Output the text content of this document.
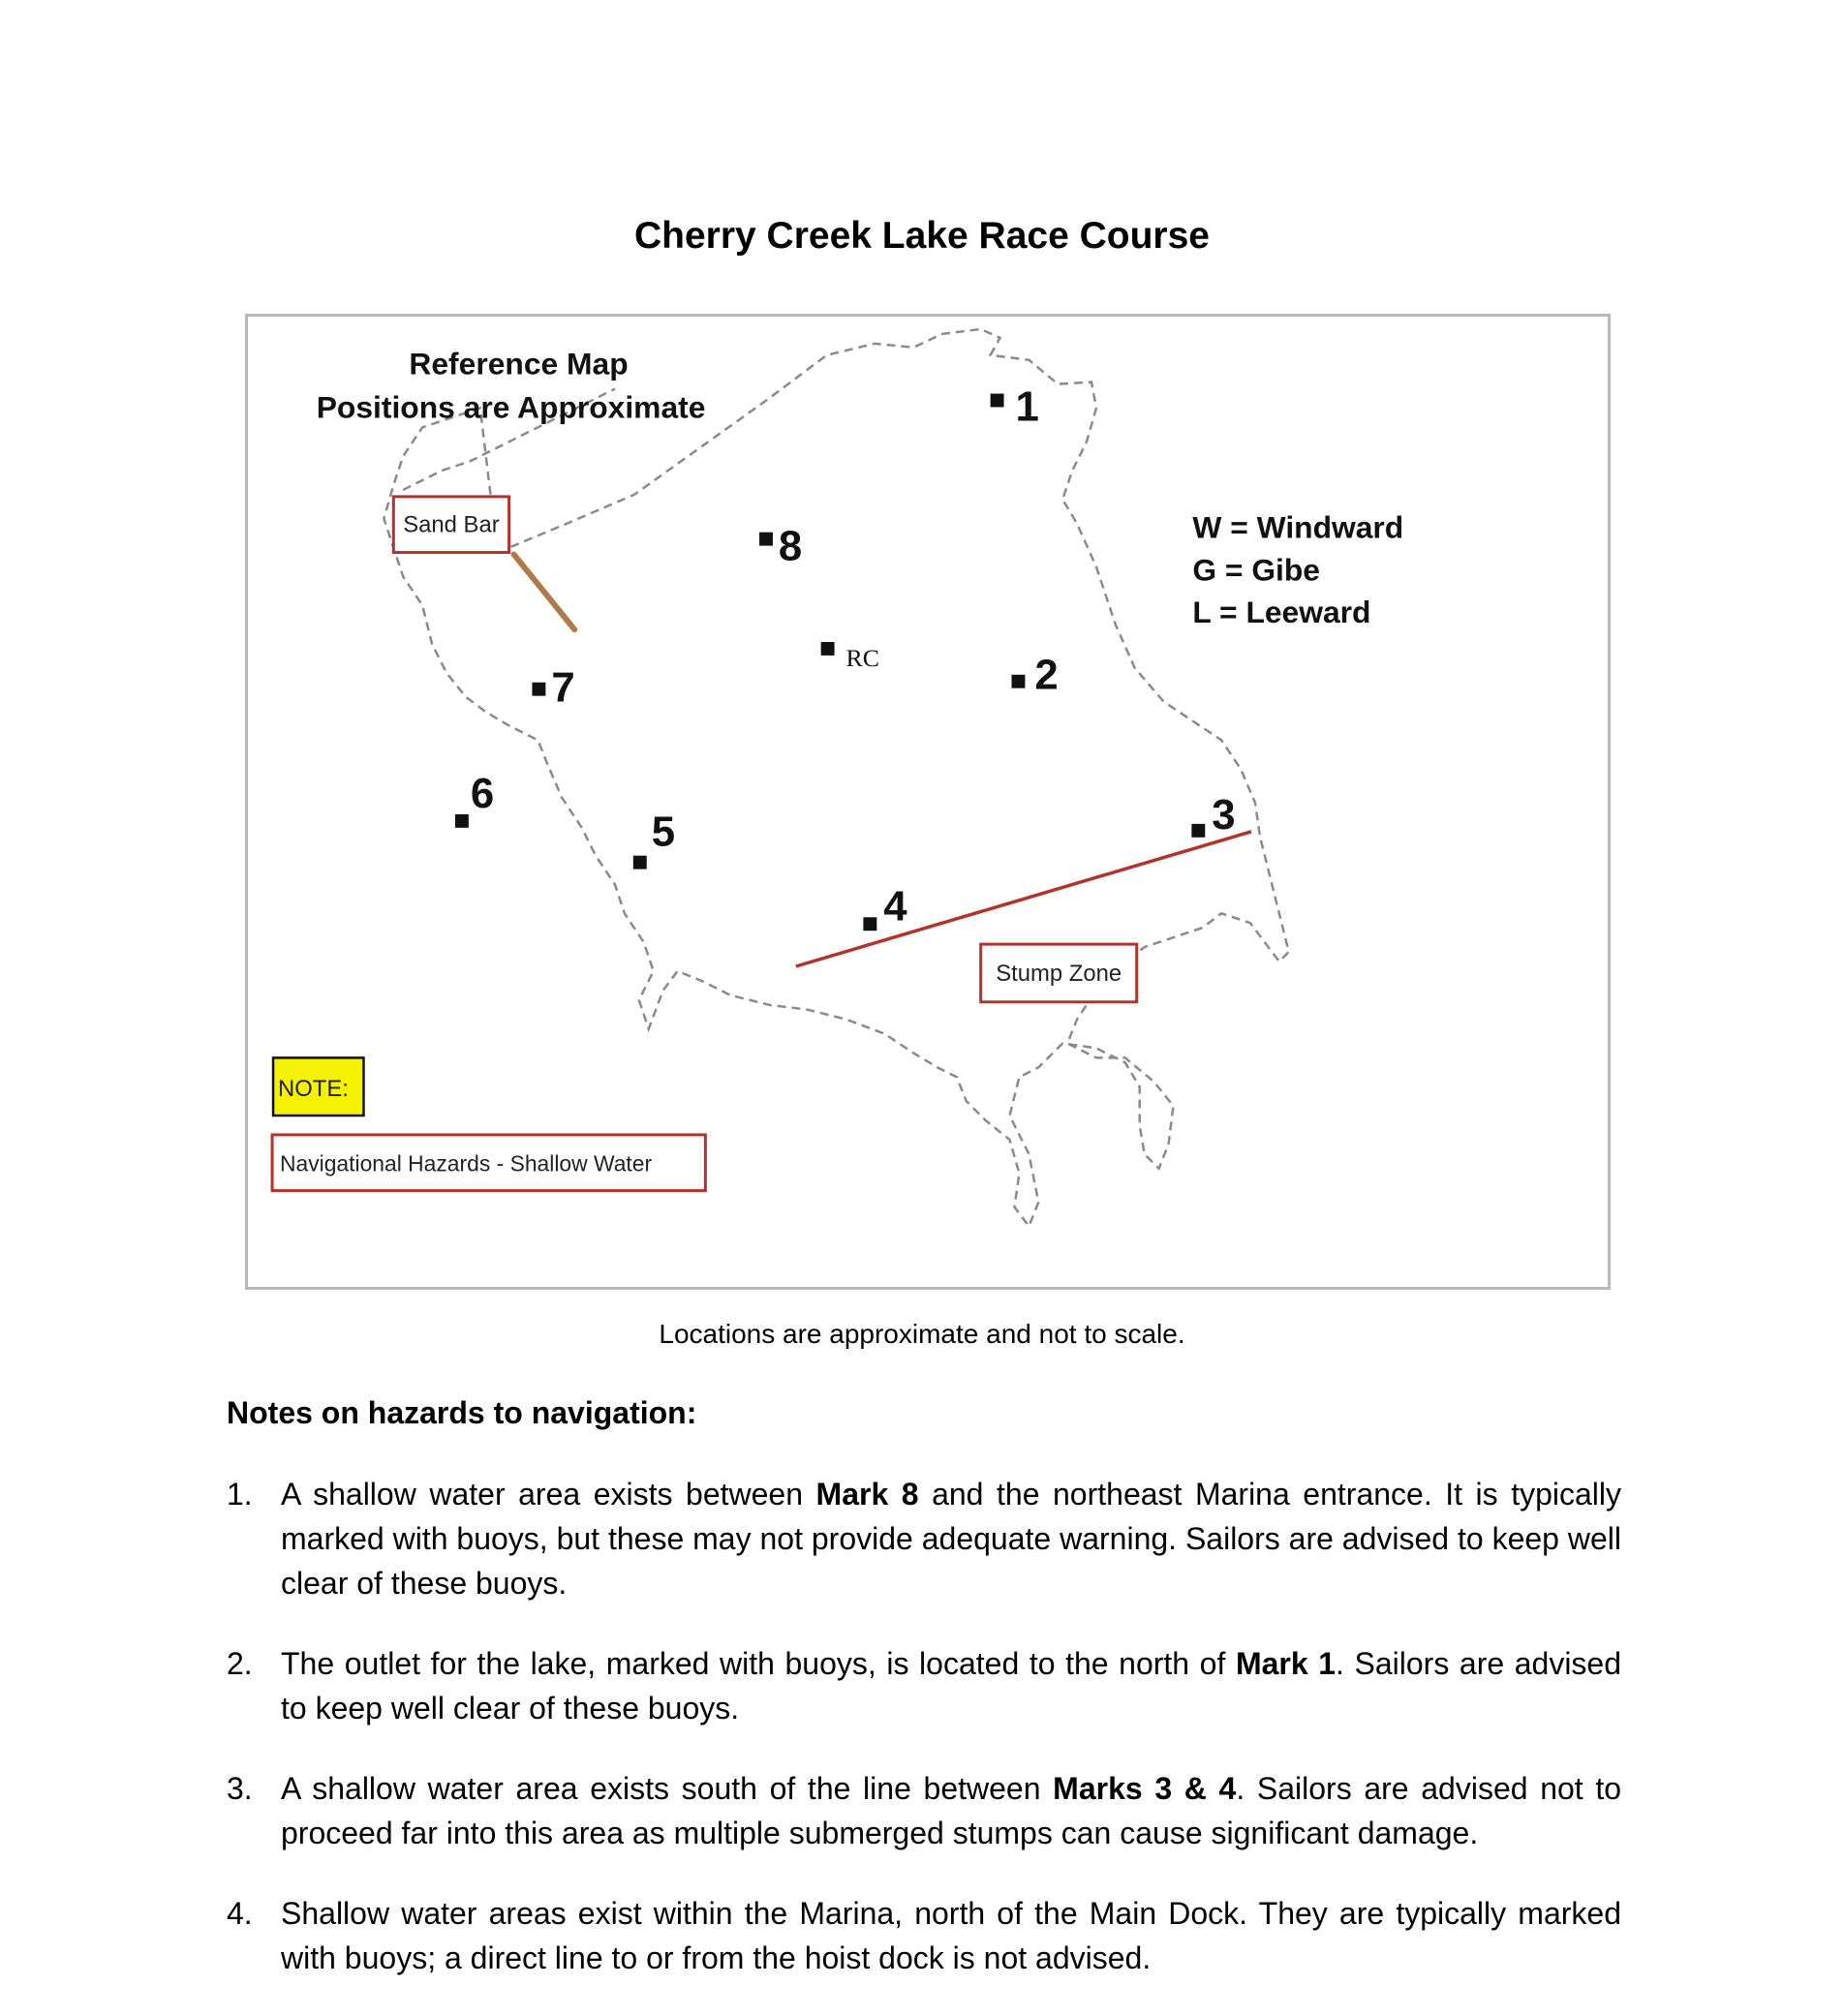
Cherry Creek Lake Race Course
Reference Map
Positions are Approximate
W = Windward
G = Gibe
L = Leeward
Sand Bar
Stump Zone
1
2
3
4
5
6
7
8
RC
NOTE:
Navigational Hazards - Shallow Water
Locations are approximate and not to scale.
Notes on hazards to navigation:
1. A shallow water area exists between Mark 8 and the northeast Marina entrance. It is typically marked with buoys, but these may not provide adequate warning. Sailors are advised to keep well clear of these buoys.
2. The outlet for the lake, marked with buoys, is located to the north of Mark 1. Sailors are advised to keep well clear of these buoys.
3. A shallow water area exists south of the line between Marks 3 & 4. Sailors are advised not to proceed far into this area as multiple submerged stumps can cause significant damage.
4. Shallow water areas exist within the Marina, north of the Main Dock. They are typically marked with buoys; a direct line to or from the hoist dock is not advised.
